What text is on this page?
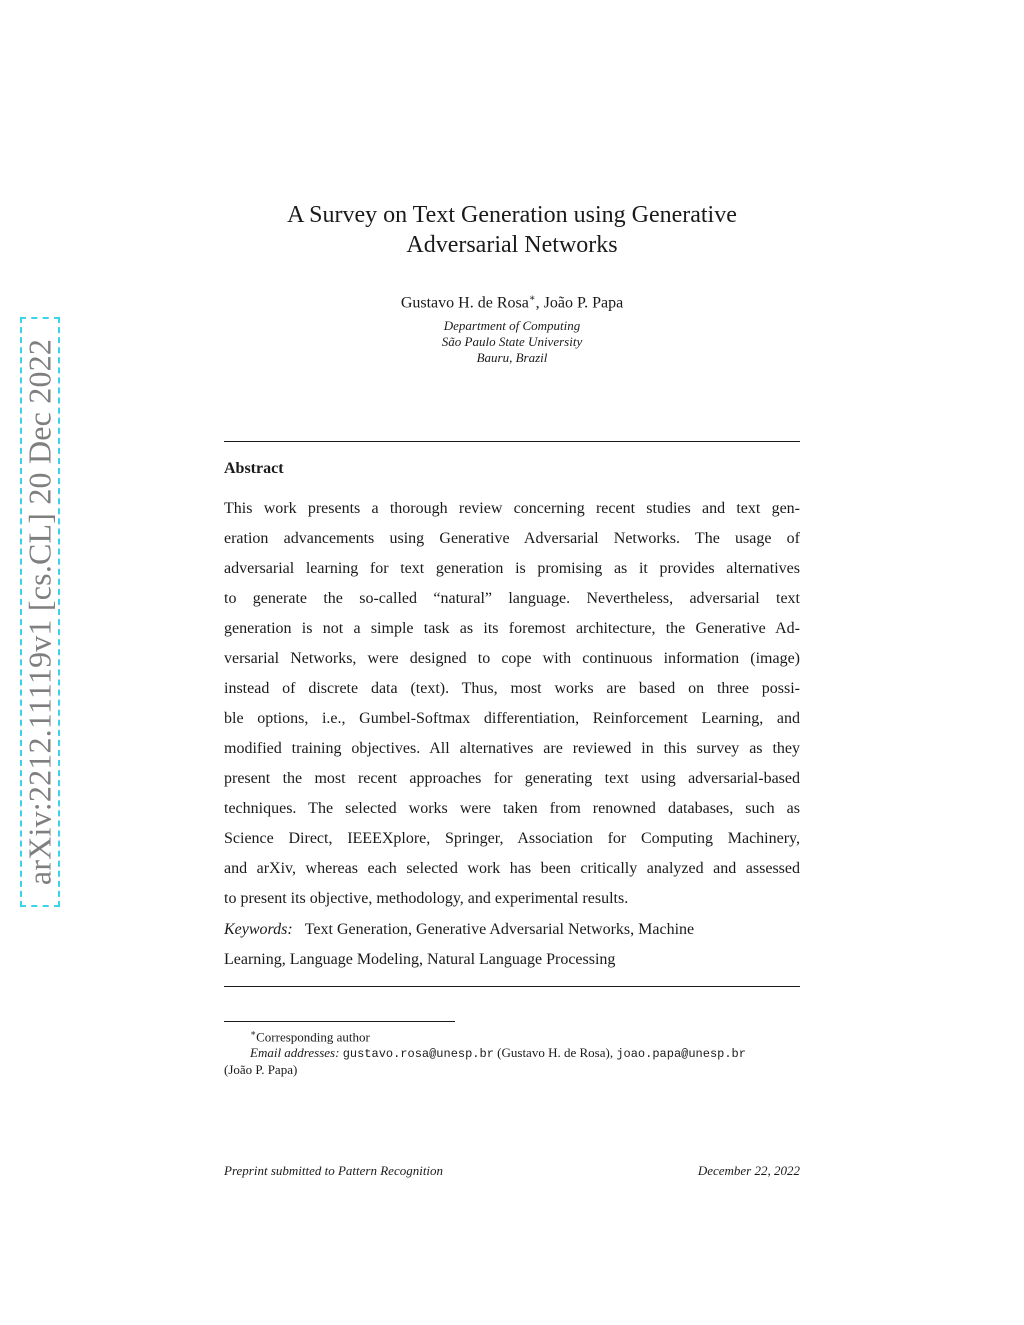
arXiv:2212.11119v1 [cs.CL] 20 Dec 2022
A Survey on Text Generation using Generative
Adversarial Networks
Gustavo H. de Rosa∗, João P. Papa
Department of Computing
São Paulo State University
Bauru, Brazil
Abstract
This work presents a thorough review concerning recent studies and text gen-
eration advancements using Generative Adversarial Networks. The usage of
adversarial learning for text generation is promising as it provides alternatives
to generate the so-called “natural” language. Nevertheless, adversarial text
generation is not a simple task as its foremost architecture, the Generative Ad-
versarial Networks, were designed to cope with continuous information (image)
instead of discrete data (text). Thus, most works are based on three possi-
ble options, i.e., Gumbel-Softmax differentiation, Reinforcement Learning, and
modified training objectives. All alternatives are reviewed in this survey as they
present the most recent approaches for generating text using adversarial-based
techniques. The selected works were taken from renowned databases, such as
Science Direct, IEEEXplore, Springer, Association for Computing Machinery,
and arXiv, whereas each selected work has been critically analyzed and assessed
to present its objective, methodology, and experimental results.
Keywords: Text Generation, Generative Adversarial Networks, Machine
Learning, Language Modeling, Natural Language Processing
∗Corresponding author
Email addresses: gustavo.rosa@unesp.br (Gustavo H. de Rosa), joao.papa@unesp.br
(João P. Papa)
Preprint submitted to Pattern Recognition	December 22, 2022
